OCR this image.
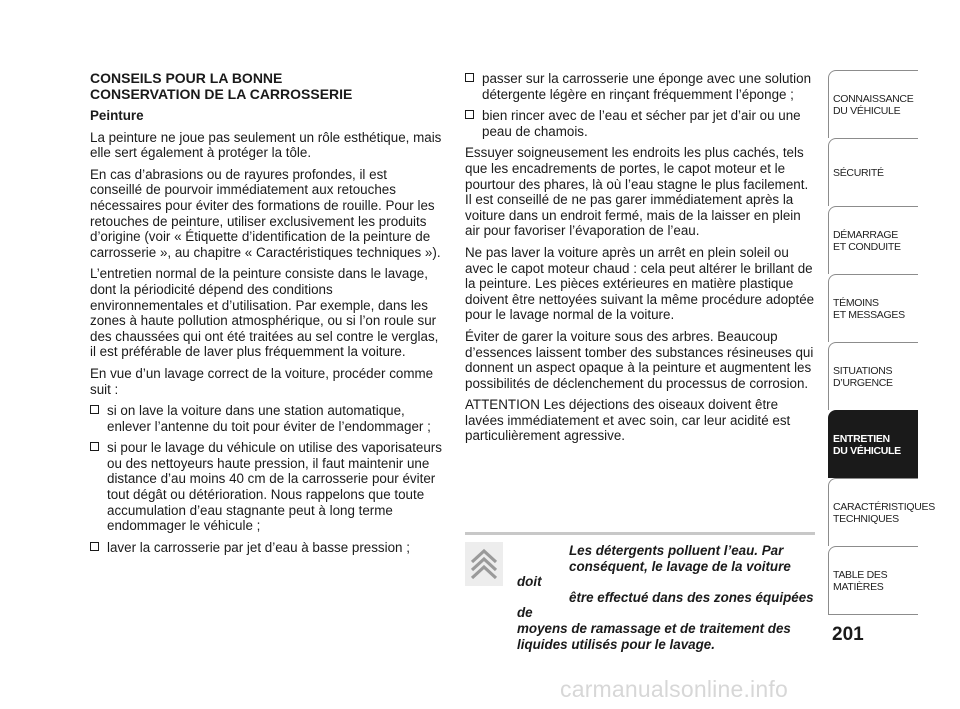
CONSEILS POUR LA BONNE
CONSERVATION DE LA CARROSSERIE

Peinture

La peinture ne joue pas seulement un rôle esthétique, mais elle sert également à protéger la tôle.

En cas d’abrasions ou de rayures profondes, il est conseillé de pourvoir immédiatement aux retouches nécessaires pour éviter des formations de rouille. Pour les retouches de peinture, utiliser exclusivement les produits d’origine (voir « Étiquette d’identification de la peinture de carrosserie », au chapitre « Caractéristiques techniques »).

L’entretien normal de la peinture consiste dans le lavage, dont la périodicité dépend des conditions environnementales et d’utilisation. Par exemple, dans les zones à haute pollution atmosphérique, ou si l’on roule sur des chaussées qui ont été traitées au sel contre le verglas, il est préférable de laver plus fréquemment la voiture.

En vue d’un lavage correct de la voiture, procéder comme suit :

si on lave la voiture dans une station automatique, enlever l’antenne du toit pour éviter de l’endommager ;
si pour le lavage du véhicule on utilise des vaporisateurs ou des nettoyeurs haute pression, il faut maintenir une distance d’au moins 40 cm de la carrosserie pour éviter tout dégât ou détérioration. Nous rappelons que toute accumulation d’eau stagnante peut à long terme endommager le véhicule ;
laver la carrosserie par jet d’eau à basse pression ;
passer sur la carrosserie une éponge avec une solution détergente légère en rinçant fréquemment l’éponge ;
bien rincer avec de l’eau et sécher par jet d’air ou une peau de chamois.

Essuyer soigneusement les endroits les plus cachés, tels que les encadrements de portes, le capot moteur et le pourtour des phares, là où l’eau stagne le plus facilement. Il est conseillé de ne pas garer immédiatement après la voiture dans un endroit fermé, mais de la laisser en plein air pour favoriser l’évaporation de l’eau.

Ne pas laver la voiture après un arrêt en plein soleil ou avec le capot moteur chaud : cela peut altérer le brillant de la peinture. Les pièces extérieures en matière plastique doivent être nettoyées suivant la même procédure adoptée pour le lavage normal de la voiture.

Éviter de garer la voiture sous des arbres. Beaucoup d’essences laissent tomber des substances résineuses qui donnent un aspect opaque à la peinture et augmentent les possibilités de déclenchement du processus de corrosion.

ATTENTION Les déjections des oiseaux doivent être lavées immédiatement et avec soin, car leur acidité est particulièrement agressive.

Les détergents polluent l’eau. Par
conséquent, le lavage de la voiture doit
être effectué dans des zones équipées de
moyens de ramassage et de traitement des
liquides utilisés pour le lavage.
CONNAISSANCE
DU VÉHICULE
SÉCURITÉ
DÉMARRAGE
ET CONDUITE
TÉMOINS
ET MESSAGES
SITUATIONS
D’URGENCE
ENTRETIEN
DU VÉHICULE
CARACTÉRISTIQUES
TECHNIQUES
TABLE DES
MATIÈRES
201
carmanualsonline.info
